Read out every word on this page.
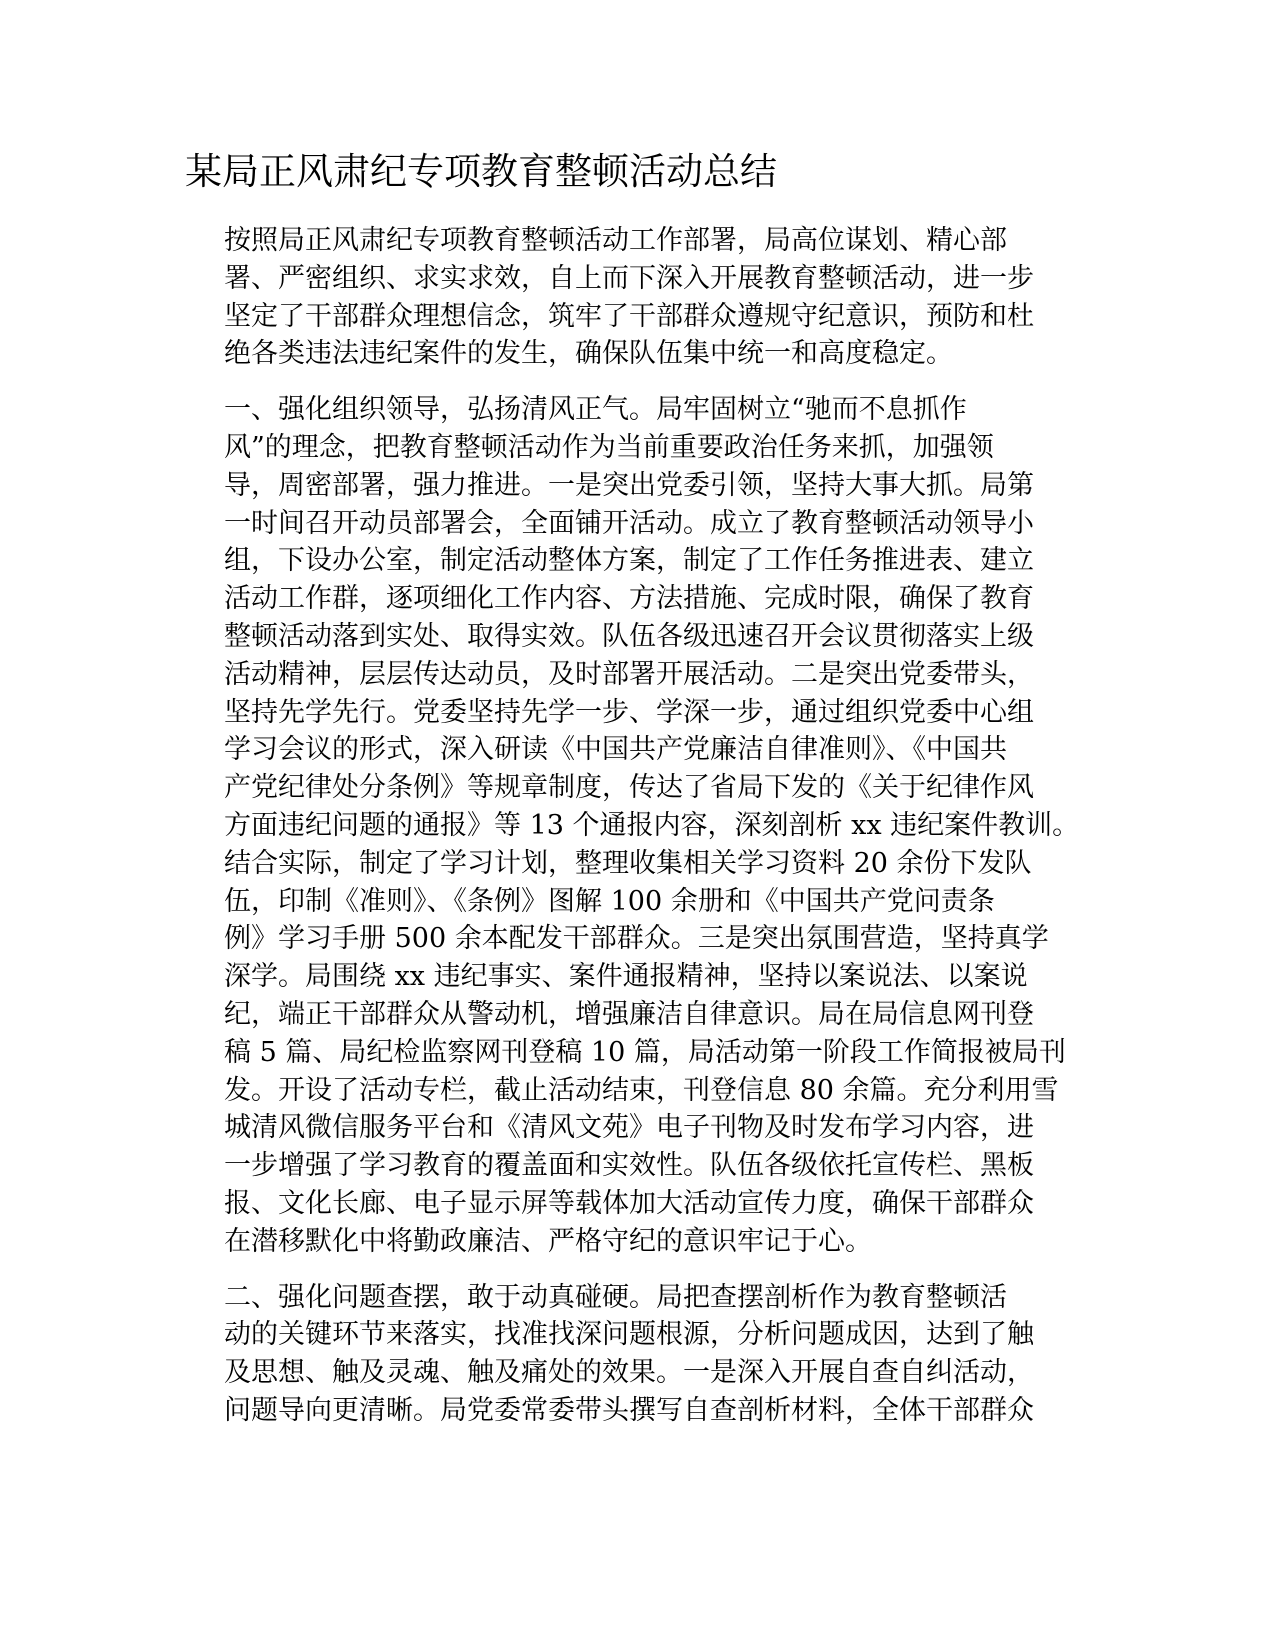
某局正风肃纪专项教育整顿活动总结

按照局正风肃纪专项教育整顿活动工作部署，局高位谋划、精心部
署、严密组织、求实求效，自上而下深入开展教育整顿活动，进一步
坚定了干部群众理想信念，筑牢了干部群众遵规守纪意识，预防和杜
绝各类违法违纪案件的发生，确保队伍集中统一和高度稳定。

一、强化组织领导，弘扬清风正气。局牢固树立“驰而不息抓作
风”的理念，把教育整顿活动作为当前重要政治任务来抓，加强领
导，周密部署，强力推进。一是突出党委引领，坚持大事大抓。局第
一时间召开动员部署会，全面铺开活动。成立了教育整顿活动领导小
组，下设办公室，制定活动整体方案，制定了工作任务推进表、建立
活动工作群，逐项细化工作内容、方法措施、完成时限，确保了教育
整顿活动落到实处、取得实效。队伍各级迅速召开会议贯彻落实上级
活动精神，层层传达动员，及时部署开展活动。二是突出党委带头，
坚持先学先行。党委坚持先学一步、学深一步，通过组织党委中心组
学习会议的形式，深入研读《中国共产党廉洁自律准则》、《中国共
产党纪律处分条例》等规章制度，传达了省局下发的《关于纪律作风
方面违纪问题的通报》等 13 个通报内容，深刻剖析 xx 违纪案件教训。
结合实际，制定了学习计划，整理收集相关学习资料 20 余份下发队
伍，印制《准则》、《条例》图解 100 余册和《中国共产党问责条
例》学习手册 500 余本配发干部群众。三是突出氛围营造，坚持真学
深学。局围绕 xx 违纪事实、案件通报精神，坚持以案说法、以案说
纪，端正干部群众从警动机，增强廉洁自律意识。局在局信息网刊登
稿 5 篇、局纪检监察网刊登稿 10 篇，局活动第一阶段工作简报被局刊
发。开设了活动专栏，截止活动结束，刊登信息 80 余篇。充分利用雪
城清风微信服务平台和《清风文苑》电子刊物及时发布学习内容，进
一步增强了学习教育的覆盖面和实效性。队伍各级依托宣传栏、黑板
报、文化长廊、电子显示屏等载体加大活动宣传力度，确保干部群众
在潜移默化中将勤政廉洁、严格守纪的意识牢记于心。

二、强化问题查摆，敢于动真碰硬。局把查摆剖析作为教育整顿活
动的关键环节来落实，找准找深问题根源，分析问题成因，达到了触
及思想、触及灵魂、触及痛处的效果。一是深入开展自查自纠活动，
问题导向更清晰。局党委常委带头撰写自查剖析材料，全体干部群众
